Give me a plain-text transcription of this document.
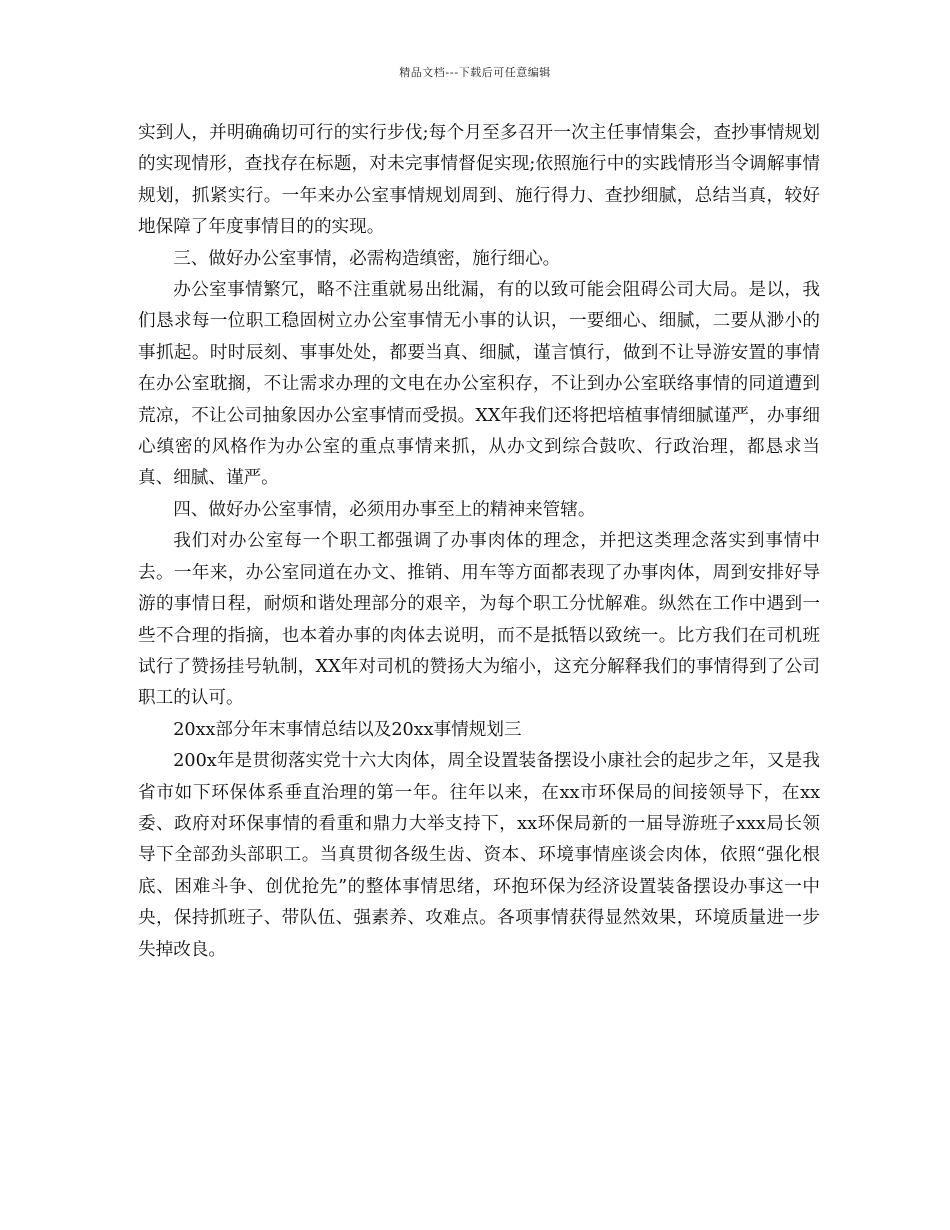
精品文档---下载后可任意编辑

实到人，并明确确切可行的实行步伐;每个月至多召开一次主任事情集会，查抄事情规划的实现情形，查找存在标题，对未完事情督促实现;依照施行中的实践情形当令调解事情规划，抓紧实行。一年来办公室事情规划周到、施行得力、查抄细腻，总结当真，较好地保障了年度事情目的的实现。

三、做好办公室事情，必需构造缜密，施行细心。

办公室事情繁冗，略不注重就易出纰漏，有的以致可能会阻碍公司大局。是以，我们恳求每一位职工稳固树立办公室事情无小事的认识，一要细心、细腻，二要从渺小的事抓起。时时辰刻、事事处处，都要当真、细腻，谨言慎行，做到不让导游安置的事情在办公室耽搁，不让需求办理的文电在办公室积存，不让到办公室联络事情的同道遭到荒凉，不让公司抽象因办公室事情而受损。XX年我们还将把培植事情细腻谨严，办事细心缜密的风格作为办公室的重点事情来抓，从办文到综合鼓吹、行政治理，都恳求当真、细腻、谨严。

四、做好办公室事情，必须用办事至上的精神来管辖。

我们对办公室每一个职工都强调了办事肉体的理念，并把这类理念落实到事情中去。一年来，办公室同道在办文、推销、用车等方面都表现了办事肉体，周到安排好导游的事情日程，耐烦和谐处理部分的艰辛，为每个职工分忧解难。纵然在工作中遇到一些不合理的指摘，也本着办事的肉体去说明，而不是抵牾以致统一。比方我们在司机班试行了赞扬挂号轨制，XX年对司机的赞扬大为缩小，这充分解释我们的事情得到了公司职工的认可。

20xx部分年末事情总结以及20xx事情规划三

200x年是贯彻落实党十六大肉体，周全设置装备摆设小康社会的起步之年，又是我省市如下环保体系垂直治理的第一年。往年以来，在xx市环保局的间接领导下，在xx委、政府对环保事情的看重和鼎力大举支持下，xx环保局新的一届导游班子xxx局长领导下全部劲头部职工。当真贯彻各级生齿、资本、环境事情座谈会肉体，依照“强化根底、困难斗争、创优抢先”的整体事情思绪，环抱环保为经济设置装备摆设办事这一中央，保持抓班子、带队伍、强素养、攻难点。各项事情获得显然效果，环境质量进一步失掉改良。
